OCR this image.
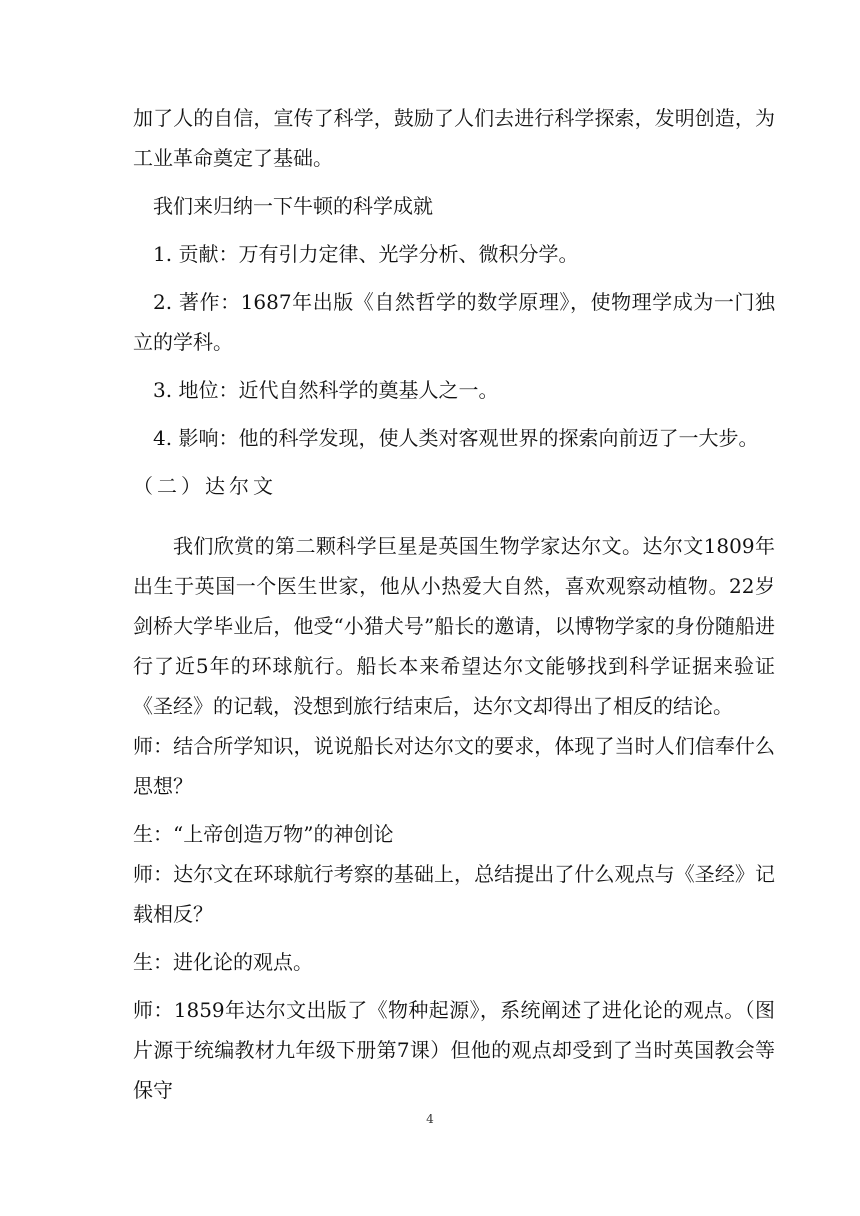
加了人的自信，宣传了科学，鼓励了人们去进行科学探索，发明创造，为工业革命奠定了基础。

我们来归纳一下牛顿的科学成就

1. 贡献：万有引力定律、光学分析、微积分学。

2. 著作：1687年出版《自然哲学的数学原理》，使物理学成为一门独立的学科。

3. 地位：近代自然科学的奠基人之一。

4. 影响：他的科学发现，使人类对客观世界的探索向前迈了一大步。

（二）达尔文

我们欣赏的第二颗科学巨星是英国生物学家达尔文。达尔文1809年出生于英国一个医生世家，他从小热爱大自然，喜欢观察动植物。22岁剑桥大学毕业后，他受“小猎犬号”船长的邀请，以博物学家的身份随船进行了近5年的环球航行。船长本来希望达尔文能够找到科学证据来验证《圣经》的记载，没想到旅行结束后，达尔文却得出了相反的结论。

师：结合所学知识，说说船长对达尔文的要求，体现了当时人们信奉什么思想？

生：“上帝创造万物”的神创论

师：达尔文在环球航行考察的基础上，总结提出了什么观点与《圣经》记载相反？

生：进化论的观点。

师：1859年达尔文出版了《物种起源》，系统阐述了进化论的观点。（图片源于统编教材九年级下册第7课）但他的观点却受到了当时英国教会等保守

4
